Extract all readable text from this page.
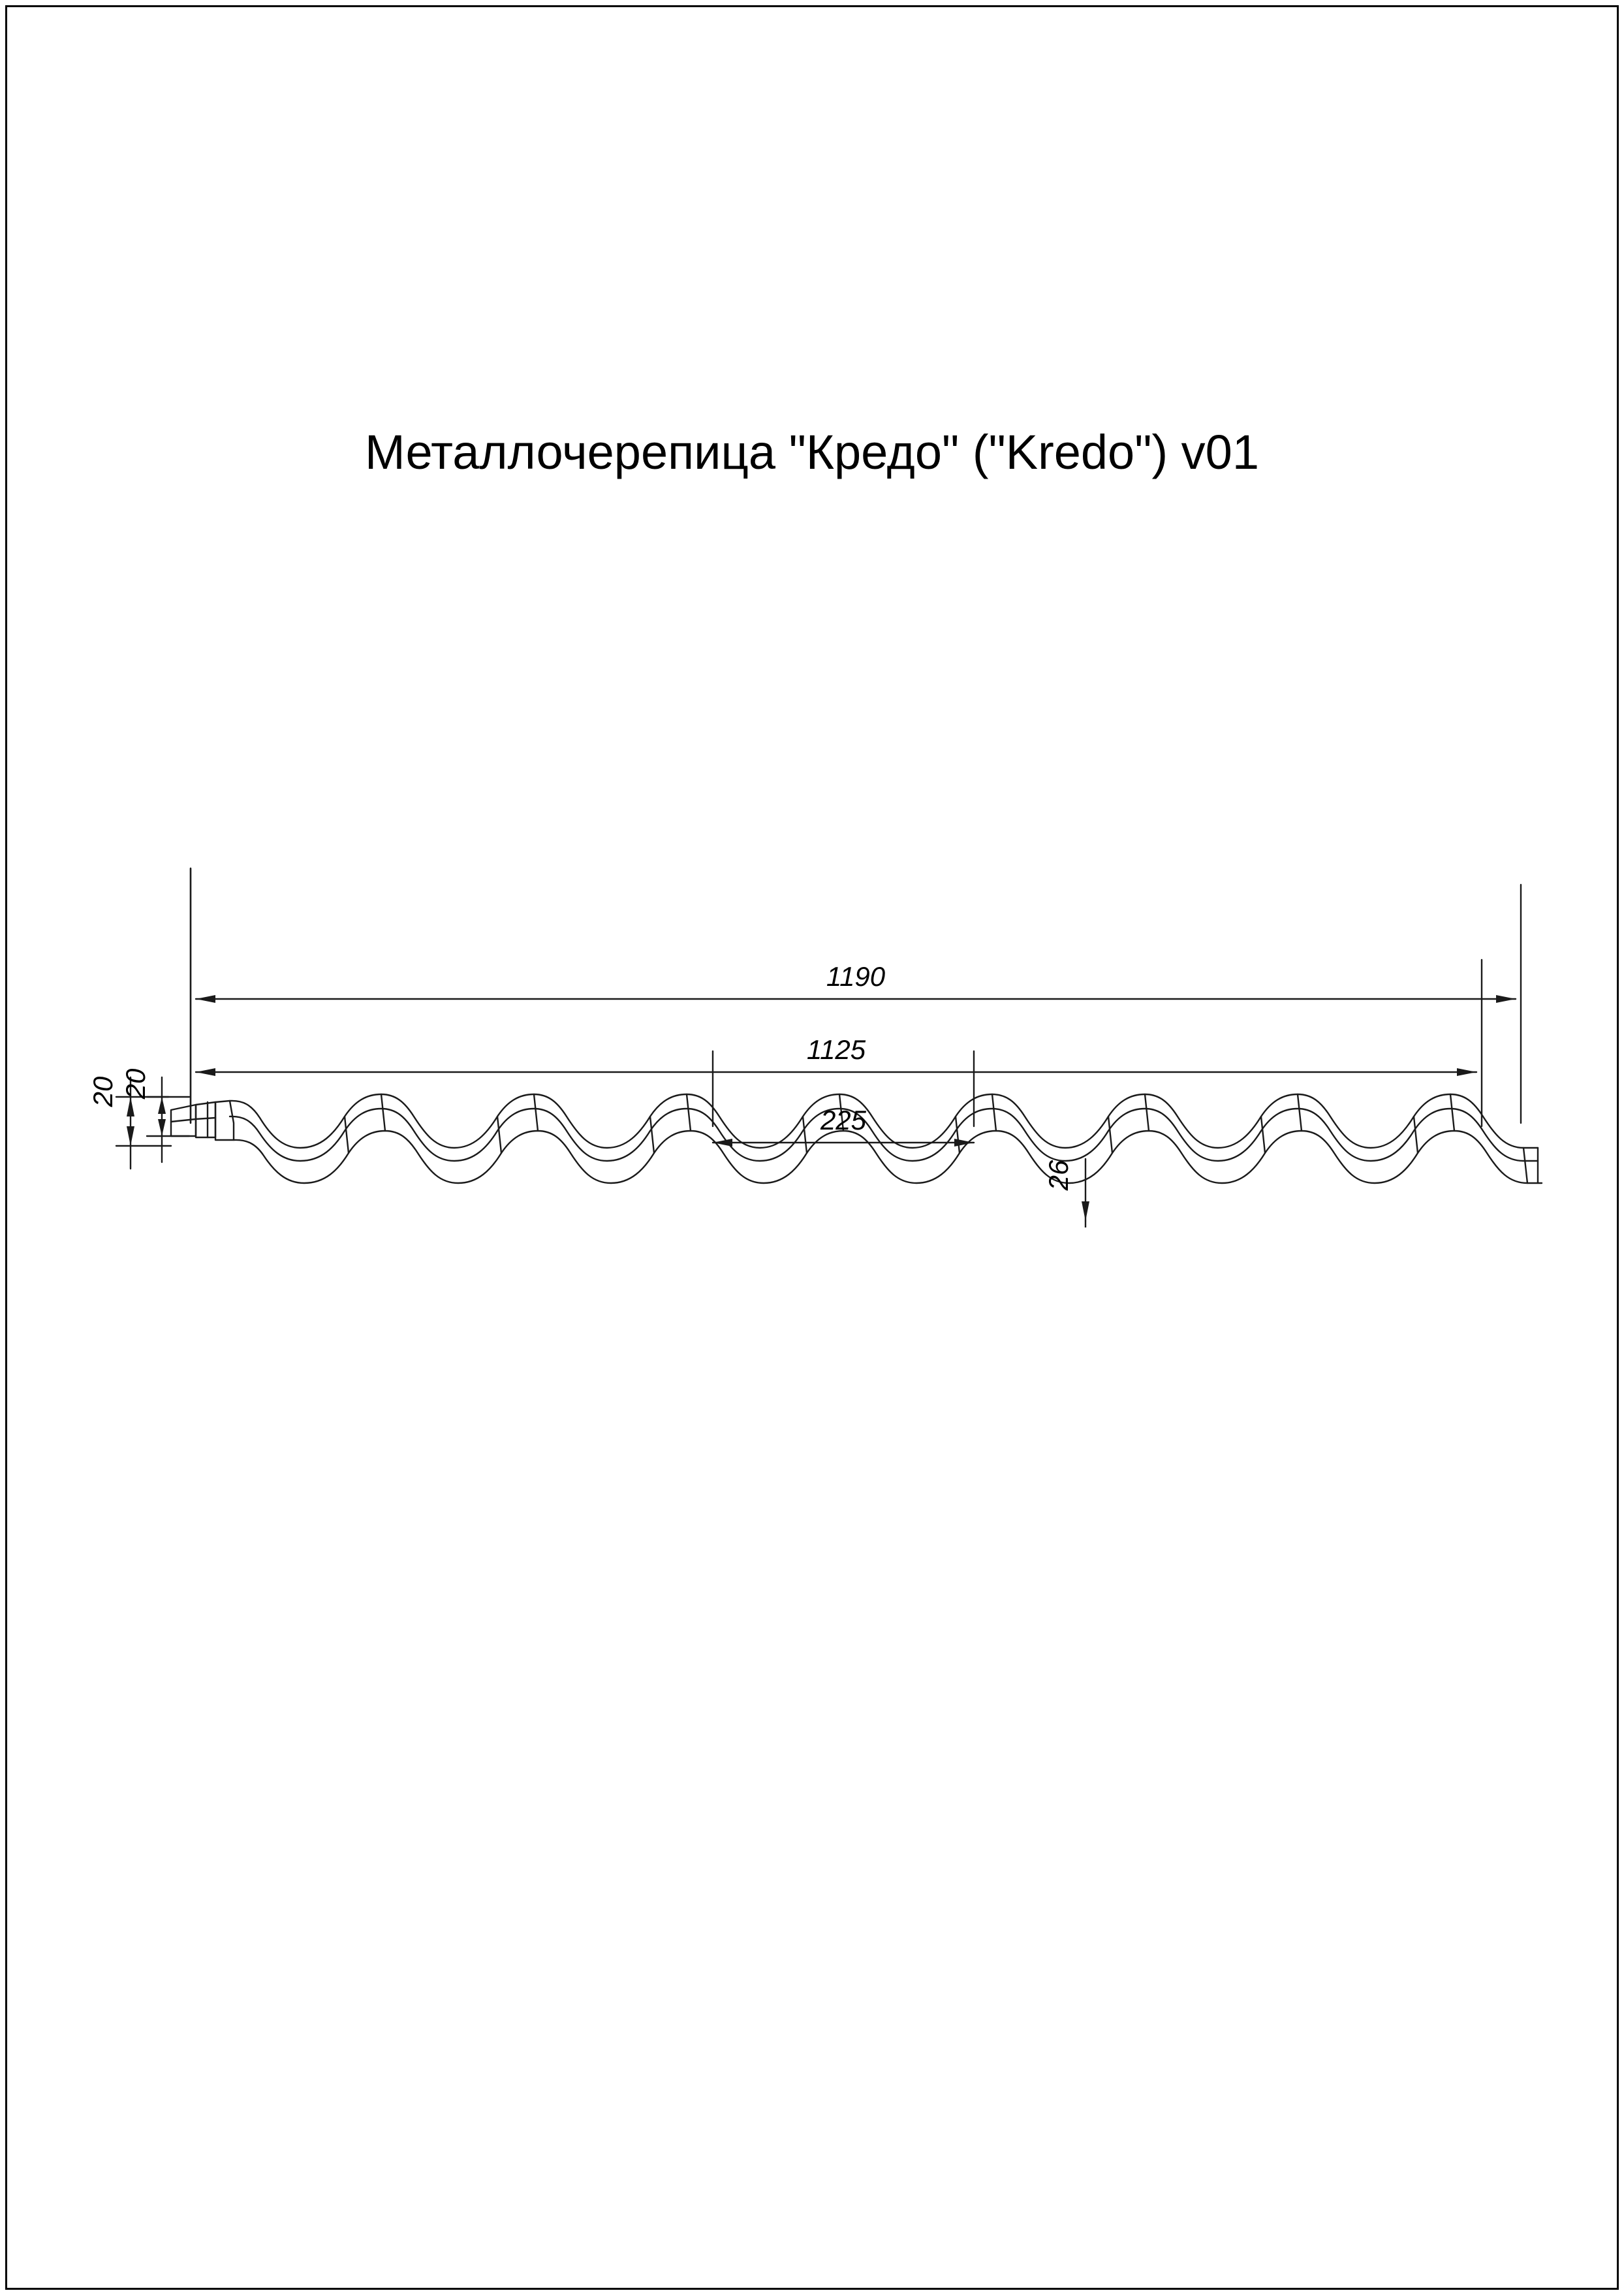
Металлочерепица "Кредо" ("Kredo") v01
1190
1125
225
26
20 20
